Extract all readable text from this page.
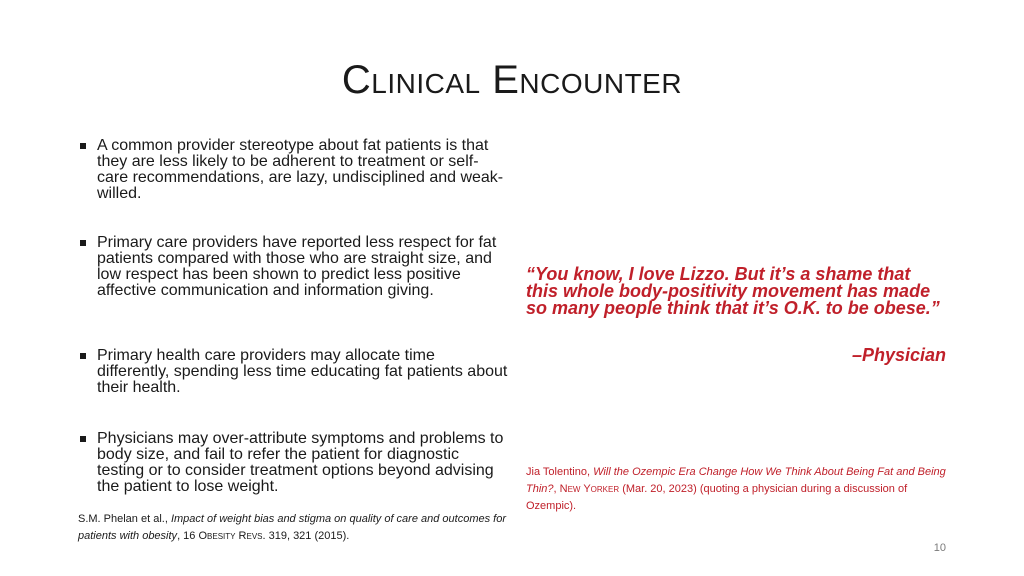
Clinical Encounter
A common provider stereotype about fat patients is that they are less likely to be adherent to treatment or self-care recommendations, are lazy, undisciplined and weak-willed.
Primary care providers have reported less respect for fat patients compared with those who are straight size, and low respect has been shown to predict less positive affective communication and information giving.
Primary health care providers may allocate time differently, spending less time educating fat patients about their health.
Physicians may over-attribute symptoms and problems to body size, and fail to refer the patient for diagnostic testing or to consider treatment options beyond advising the patient to lose weight.
S.M. Phelan et al., Impact of weight bias and stigma on quality of care and outcomes for patients with obesity, 16 Obesity Revs. 319, 321 (2015).
“You know, I love Lizzo. But it’s a shame that this whole body-positivity movement has made so many people think that it’s O.K. to be obese.”
–Physician
Jia Tolentino, Will the Ozempic Era Change How We Think About Being Fat and Being Thin?, New Yorker (Mar. 20, 2023) (quoting a physician during a discussion of Ozempic).
10
